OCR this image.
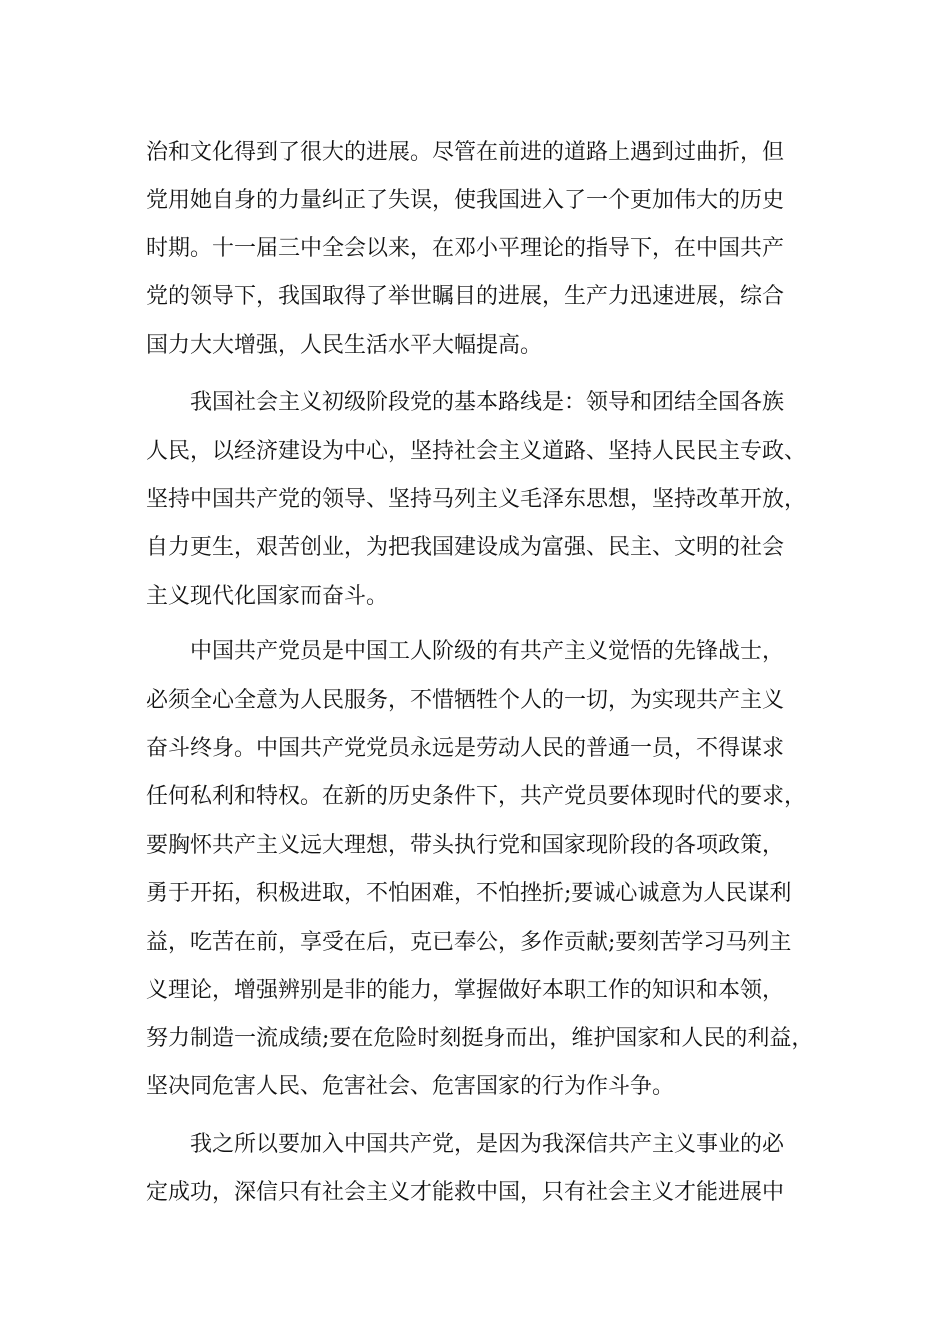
治和文化得到了很大的进展。尽管在前进的道路上遇到过曲折，但
党用她自身的力量纠正了失误，使我国进入了一个更加伟大的历史
时期。十一届三中全会以来，在邓小平理论的指导下，在中国共产
党的领导下，我国取得了举世瞩目的进展，生产力迅速进展，综合
国力大大增强，人民生活水平大幅提高。
我国社会主义初级阶段党的基本路线是：领导和团结全国各族
人民，以经济建设为中心，坚持社会主义道路、坚持人民民主专政、
坚持中国共产党的领导、坚持马列主义毛泽东思想，坚持改革开放，
自力更生，艰苦创业，为把我国建设成为富强、民主、文明的社会
主义现代化国家而奋斗。
中国共产党员是中国工人阶级的有共产主义觉悟的先锋战士，
必须全心全意为人民服务，不惜牺牲个人的一切，为实现共产主义
奋斗终身。中国共产党党员永远是劳动人民的普通一员，不得谋求
任何私利和特权。在新的历史条件下，共产党员要体现时代的要求，
要胸怀共产主义远大理想，带头执行党和国家现阶段的各项政策，
勇于开拓，积极进取，不怕困难，不怕挫折;要诚心诚意为人民谋利
益，吃苦在前，享受在后，克已奉公，多作贡献;要刻苦学习马列主
义理论，增强辨别是非的能力，掌握做好本职工作的知识和本领，
努力制造一流成绩;要在危险时刻挺身而出，维护国家和人民的利益，
坚决同危害人民、危害社会、危害国家的行为作斗争。
我之所以要加入中国共产党，是因为我深信共产主义事业的必
定成功，深信只有社会主义才能救中国，只有社会主义才能进展中
